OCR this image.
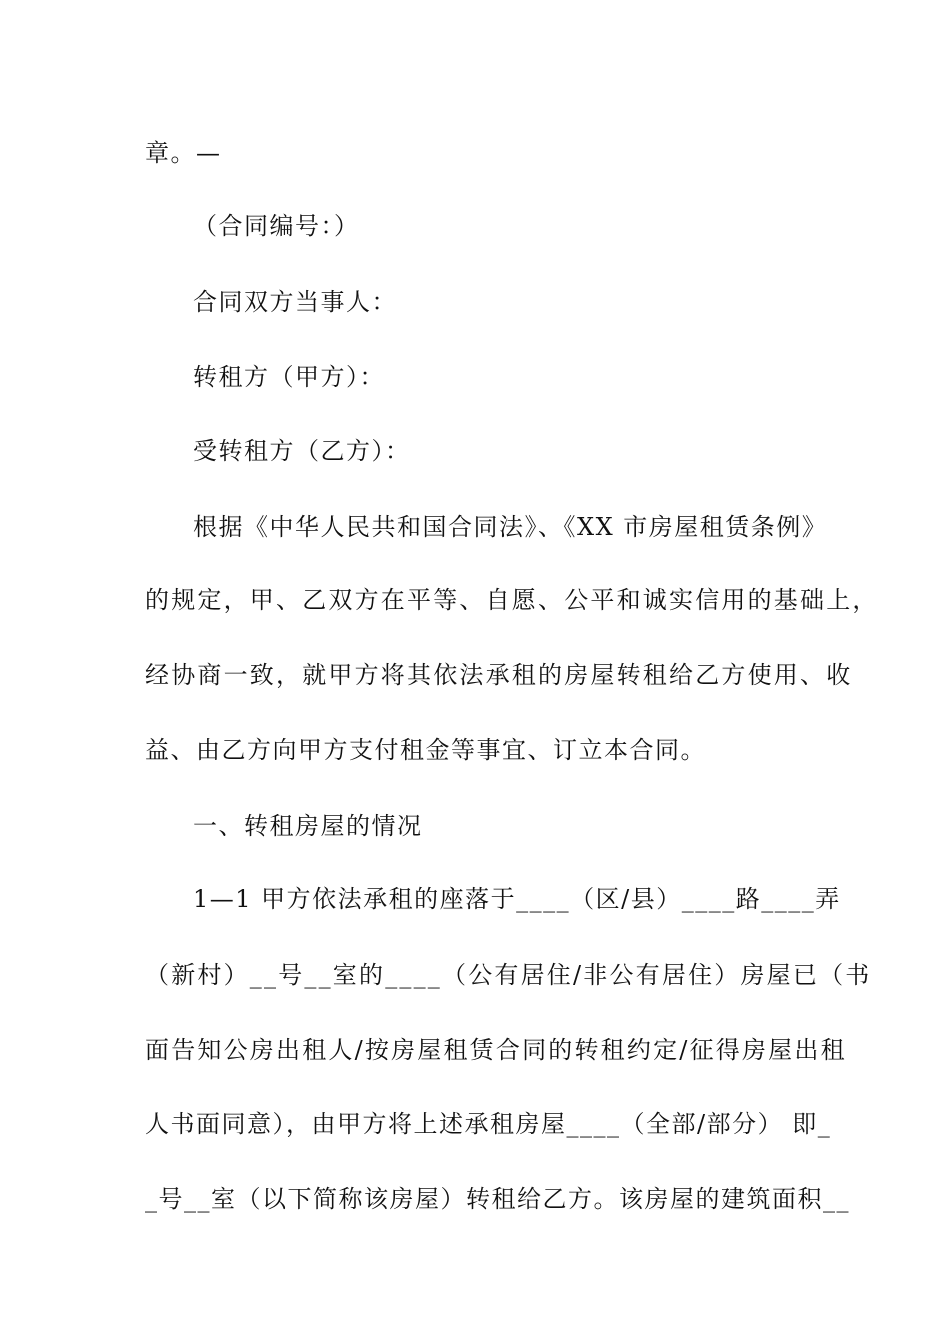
章。—
（合同编号：）
合同双方当事人：
转租方（甲方）：
受转租方（乙方）：
根据《中华人民共和国合同法》、《XX 市房屋租赁条例》
的规定，甲、乙双方在平等、自愿、公平和诚实信用的基础上，
经协商一致，就甲方将其依法承租的房屋转租给乙方使用、收
益、由乙方向甲方支付租金等事宜、订立本合同。
一、转租房屋的情况
1—1 甲方依法承租的座落于____（区/县）____路____弄
（新村）__号__室的____（公有居住/非公有居住）房屋已（书
面告知公房出租人/按房屋租赁合同的转租约定/征得房屋出租
人书面同意），由甲方将上述承租房屋____（全部/部分） 即_
_号__室（以下简称该房屋）转租给乙方。该房屋的建筑面积__
